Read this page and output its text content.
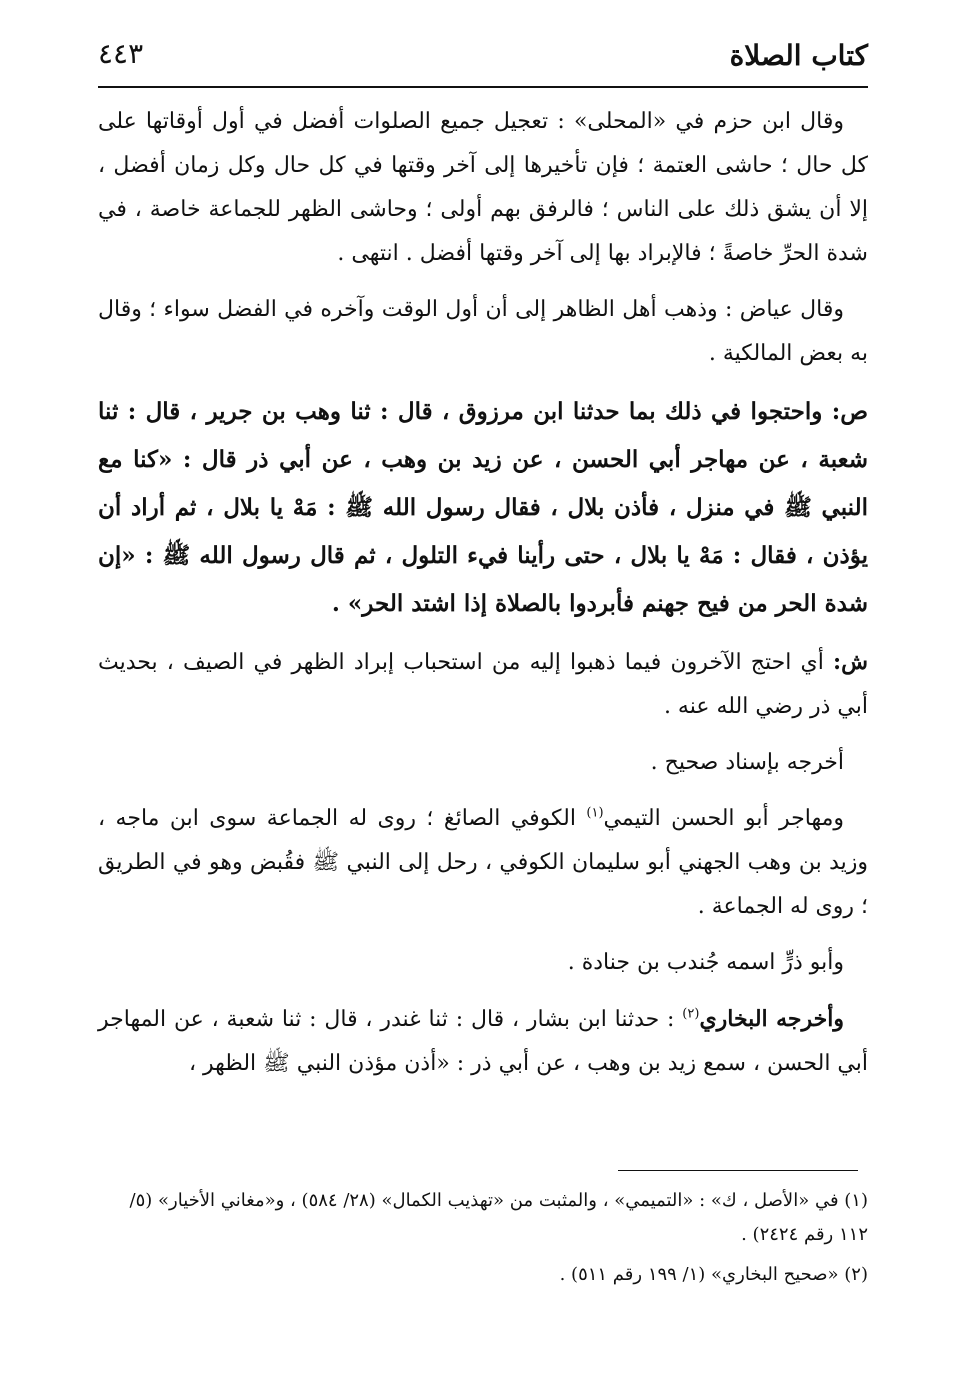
كتاب الصلاة
٤٤٣

وقال ابن حزم في «المحلى» : تعجيل جميع الصلوات أفضل في أول أوقاتها على كل حال ؛ حاشى العتمة ؛ فإن تأخيرها إلى آخر وقتها في كل حال وكل زمان أفضل ، إلا أن يشق ذلك على الناس ؛ فالرفق بهم أولى ؛ وحاشى الظهر للجماعة خاصة ، في شدة الحرِّ خاصةً ؛ فالإبراد بها إلى آخر وقتها أفضل . انتهى .

وقال عياض : وذهب أهل الظاهر إلى أن أول الوقت وآخره في الفضل سواء ؛ وقال به بعض المالكية .

ص: واحتجوا في ذلك بما حدثنا ابن مرزوق ، قال : ثنا وهب بن جرير ، قال : ثنا شعبة ، عن مهاجر أبي الحسن ، عن زيد بن وهب ، عن أبي ذر قال : «كنا مع النبي ﷺ في منزل ، فأذن بلال ، فقال رسول الله ﷺ : مَهْ يا بلال ، ثم أراد أن يؤذن ، فقال : مَهْ يا بلال ، حتى رأينا فيء التلول ، ثم قال رسول الله ﷺ : «إن شدة الحر من فيح جهنم فأبردوا بالصلاة إذا اشتد الحر» .

ش: أي احتج الآخرون فيما ذهبوا إليه من استحباب إبراد الظهر في الصيف ، بحديث أبي ذر رضي الله عنه .

أخرجه بإسناد صحيح .

ومهاجر أبو الحسن التيمي$^{(١)}$ الكوفي الصائغ ؛ روى له الجماعة سوى ابن ماجه ، وزيد بن وهب الجهني أبو سليمان الكوفي ، رحل إلى النبي ﷺ فقُبض وهو في الطريق ؛ روى له الجماعة .

وأبو ذرٍّ اسمه جُندب بن جنادة .

وأخرجه البخاري$^{(٢)}$ : حدثنا ابن بشار ، قال : ثنا غندر ، قال : ثنا شعبة ، عن المهاجر أبي الحسن ، سمع زيد بن وهب ، عن أبي ذر : «أذن مؤذن النبي ﷺ الظهر ،

(١) في «الأصل ، ك» : «التميمي» ، والمثبت من «تهذيب الكمال» (٢٨/ ٥٨٤) ، و«مغاني الأخيار» (٥/ ١١٢ رقم ٢٤٢٤) .

(٢) «صحيح البخاري» (١/ ١٩٩ رقم ٥١١) .
